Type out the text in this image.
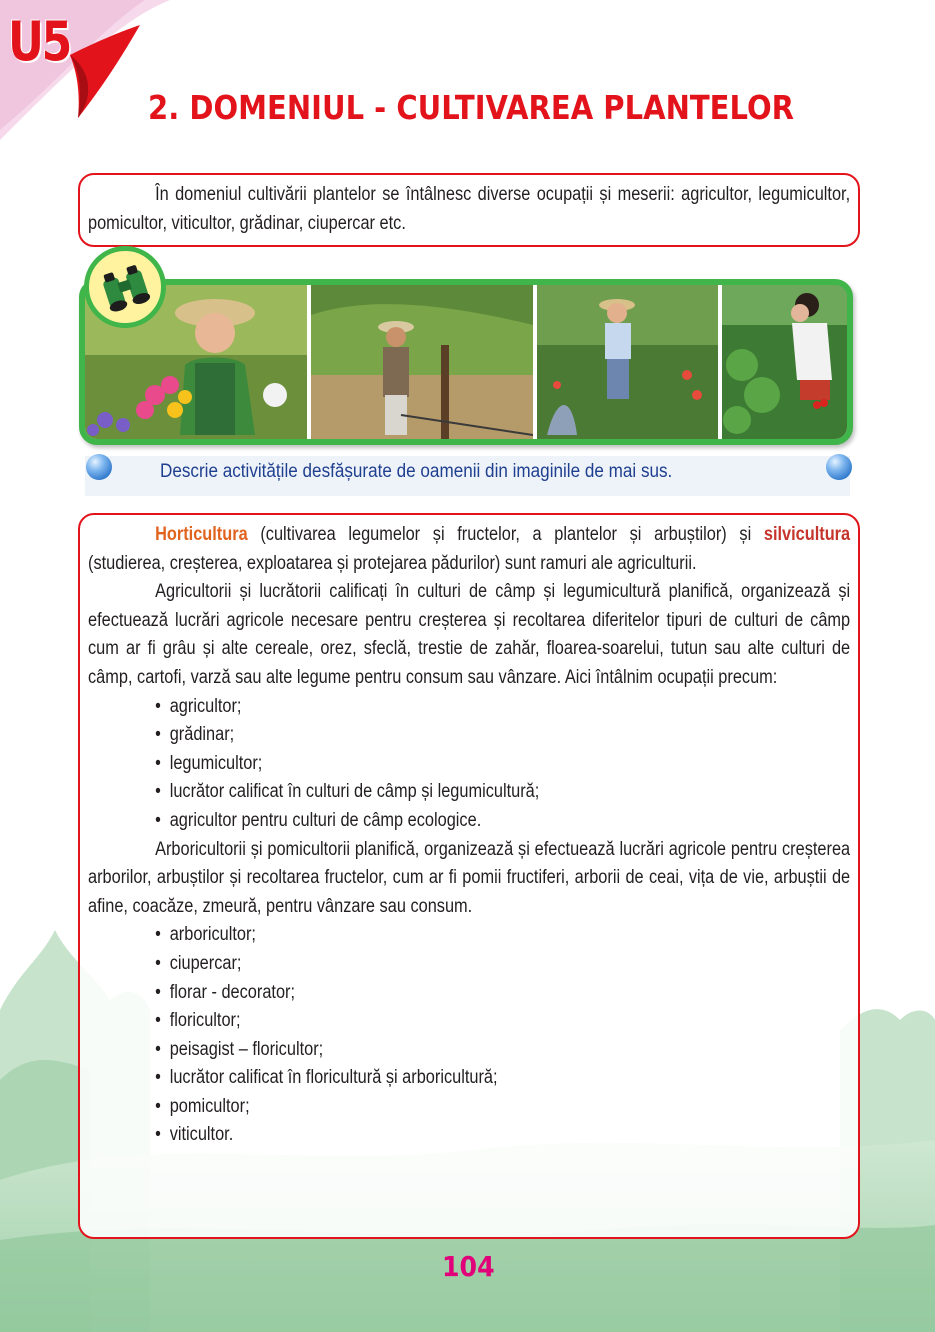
U5
2. DOMENIUL - CULTIVAREA PLANTELOR

În domeniul cultivării plantelor se întâlnesc diverse ocupații și meserii: agricultor, legumicultor, pomicultor, viticultor, grădinar, ciupercar etc.

Descrie activitățile desfășurate de oamenii din imaginile de mai sus.

Horticultura (cultivarea legumelor și fructelor, a plantelor și arbuștilor) și silvicultura (studierea, creșterea, exploatarea și protejarea pădurilor) sunt ramuri ale agriculturii.

Agricultorii și lucrătorii calificați în culturi de câmp și legumicultură planifică, organizează și efectuează lucrări agricole necesare pentru creșterea și recoltarea diferitelor tipuri de culturi de câmp cum ar fi grâu și alte cereale, orez, sfeclă, trestie de zahăr, floarea-soarelui, tutun sau alte culturi de câmp, cartofi, varză sau alte legume pentru consum sau vânzare. Aici întâlnim ocupații precum:

• agricultor;
• grădinar;
• legumicultor;
• lucrător calificat în culturi de câmp și legumicultură;
• agricultor pentru culturi de câmp ecologice.

Arboricultorii și pomicultorii planifică, organizează și efectuează lucrări agricole pentru creșterea arborilor, arbuștilor și recoltarea fructelor, cum ar fi pomii fructiferi, arborii de ceai, vița de vie, arbuștii de afine, coacăze, zmeură, pentru vânzare sau consum.

• arboricultor;
• ciupercar;
• florar - decorator;
• floricultor;
• peisagist – floricultor;
• lucrător calificat în floricultură și arboricultură;
• pomicultor;
• viticultor.
104
